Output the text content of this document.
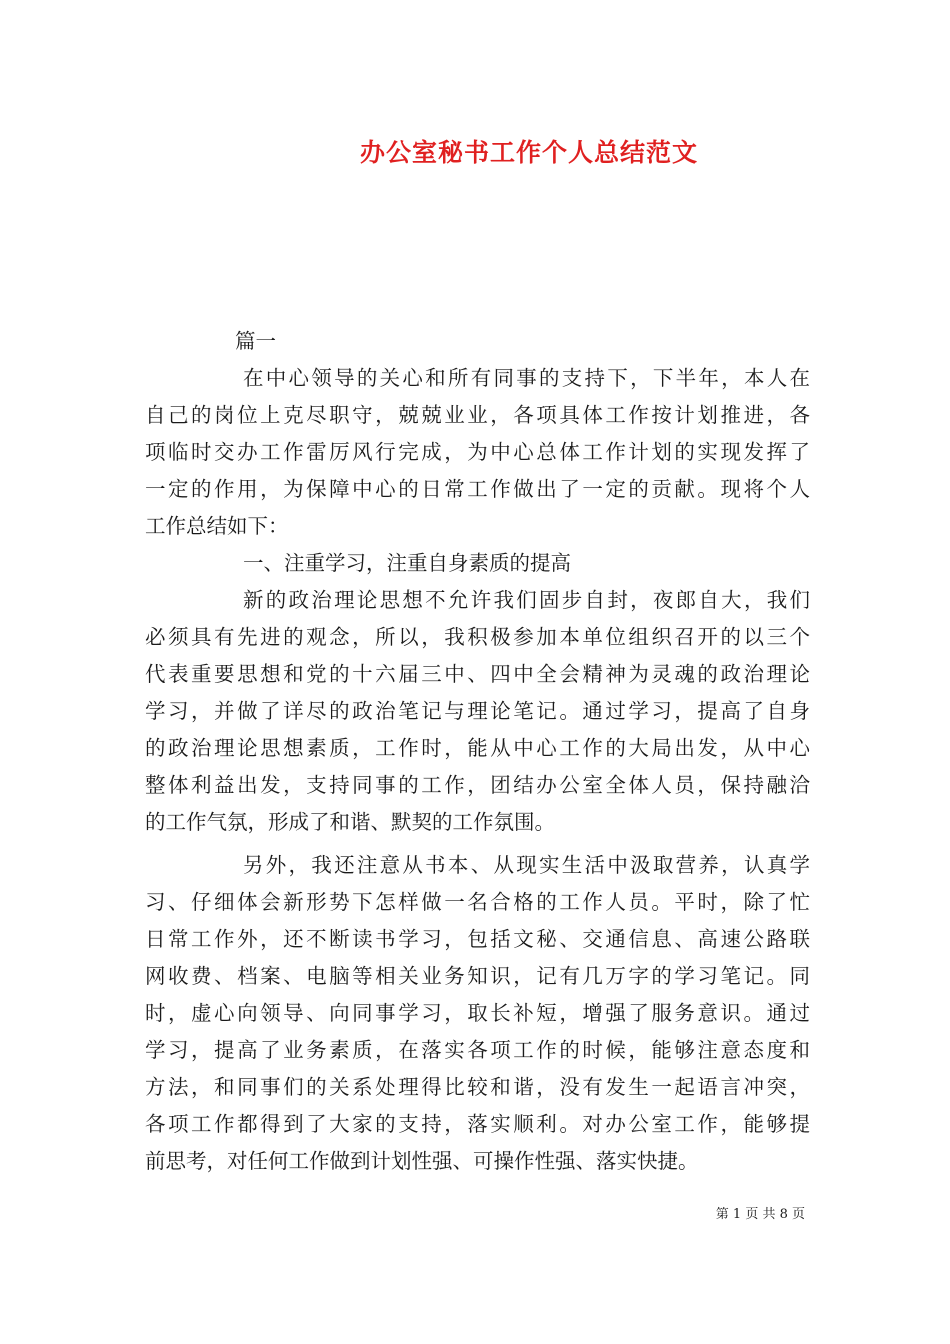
办公室秘书工作个人总结范文
篇一
在中心领导的关心和所有同事的支持下，下半年，本人在
自己的岗位上克尽职守，兢兢业业，各项具体工作按计划推进，各
项临时交办工作雷厉风行完成，为中心总体工作计划的实现发挥了
一定的作用，为保障中心的日常工作做出了一定的贡献。现将个人
工作总结如下：
一、注重学习，注重自身素质的提高
新的政治理论思想不允许我们固步自封，夜郎自大，我们
必须具有先进的观念，所以，我积极参加本单位组织召开的以三个
代表重要思想和党的十六届三中、四中全会精神为灵魂的政治理论
学习，并做了详尽的政治笔记与理论笔记。通过学习，提高了自身
的政治理论思想素质，工作时，能从中心工作的大局出发，从中心
整体利益出发，支持同事的工作，团结办公室全体人员，保持融洽
的工作气氛，形成了和谐、默契的工作氛围。
另外，我还注意从书本、从现实生活中汲取营养，认真学
习、仔细体会新形势下怎样做一名合格的工作人员。平时，除了忙
日常工作外，还不断读书学习，包括文秘、交通信息、高速公路联
网收费、档案、电脑等相关业务知识，记有几万字的学习笔记。同
时，虚心向领导、向同事学习，取长补短，增强了服务意识。通过
学习，提高了业务素质，在落实各项工作的时候，能够注意态度和
方法，和同事们的关系处理得比较和谐，没有发生一起语言冲突，
各项工作都得到了大家的支持，落实顺利。对办公室工作，能够提
前思考，对任何工作做到计划性强、可操作性强、落实快捷。
第 1 页 共 8 页
